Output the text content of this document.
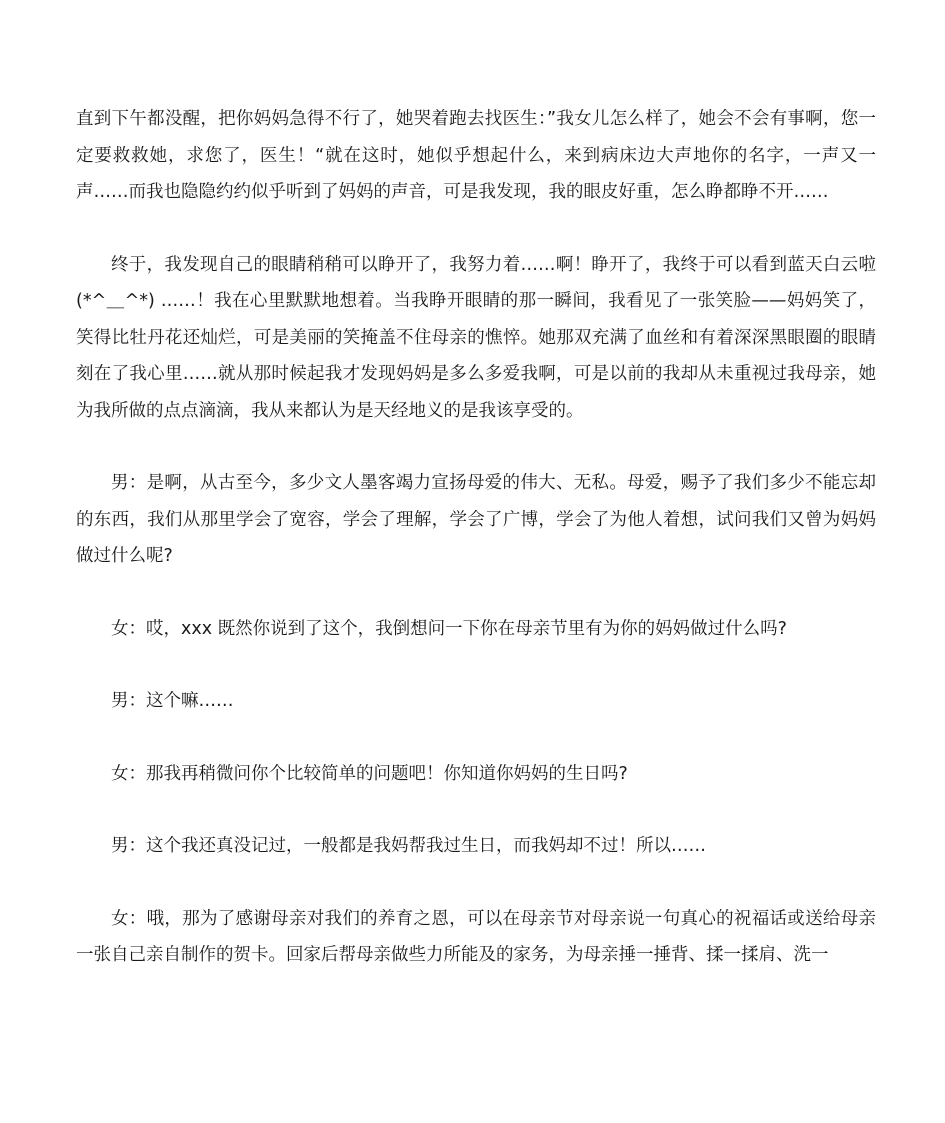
直到下午都没醒，把你妈妈急得不行了，她哭着跑去找医生：”我女儿怎么样了，她会不会有事啊，您一定要救救她，求您了，医生！“就在这时，她似乎想起什么，来到病床边大声地你的名字，一声又一声……而我也隐隐约约似乎听到了妈妈的声音，可是我发现，我的眼皮好重，怎么睁都睁不开……

终于，我发现自己的眼睛稍稍可以睁开了，我努力着……啊！睁开了，我终于可以看到蓝天白云啦(*^＿^*) ……！我在心里默默地想着。当我睁开眼睛的那一瞬间，我看见了一张笑脸——妈妈笑了，笑得比牡丹花还灿烂，可是美丽的笑掩盖不住母亲的憔悴。她那双充满了血丝和有着深深黑眼圈的眼睛刻在了我心里……就从那时候起我才发现妈妈是多么多爱我啊，可是以前的我却从未重视过我母亲，她为我所做的点点滴滴，我从来都认为是天经地义的是我该享受的。

男：是啊，从古至今，多少文人墨客竭力宣扬母爱的伟大、无私。母爱，赐予了我们多少不能忘却的东西，我们从那里学会了宽容，学会了理解，学会了广博，学会了为他人着想，试问我们又曾为妈妈做过什么呢?

女：哎，xxx 既然你说到了这个，我倒想问一下你在母亲节里有为你的妈妈做过什么吗?

男：这个嘛……

女：那我再稍微问你个比较简单的问题吧！你知道你妈妈的生日吗?

男：这个我还真没记过，一般都是我妈帮我过生日，而我妈却不过！所以……

女：哦，那为了感谢母亲对我们的养育之恩，可以在母亲节对母亲说一句真心的祝福话或送给母亲一张自己亲自制作的贺卡。回家后帮母亲做些力所能及的家务，为母亲捶一捶背、揉一揉肩、洗一
